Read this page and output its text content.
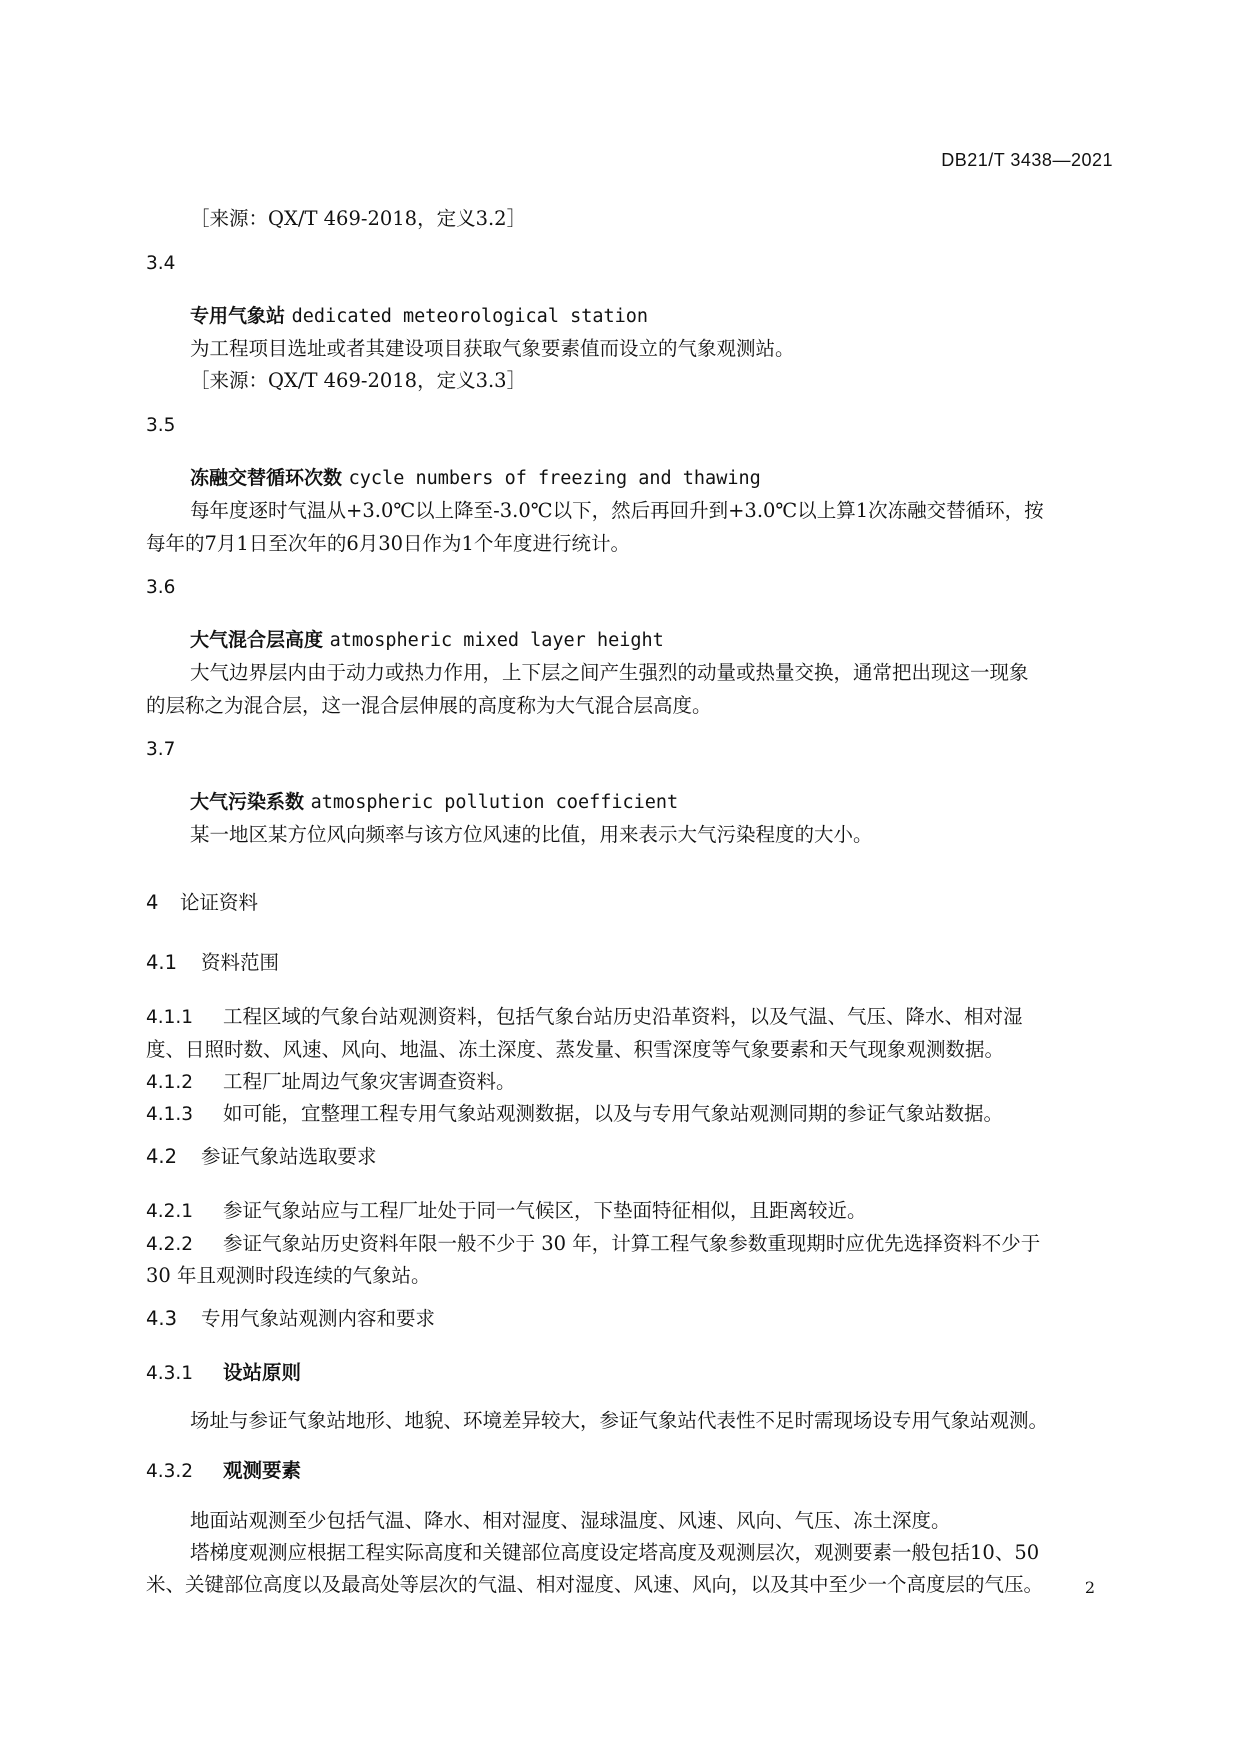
DB21/T 3438—2021
［来源：QX/T 469-2018，定义3.2］
3.4
专用气象站 dedicated meteorological station
为工程项目选址或者其建设项目获取气象要素值而设立的气象观测站。
［来源：QX/T 469-2018，定义3.3］
3.5
冻融交替循环次数 cycle numbers of freezing and thawing
每年度逐时气温从+3.0℃以上降至-3.0℃以下，然后再回升到+3.0℃以上算1次冻融交替循环，按
每年的7月1日至次年的6月30日作为1个年度进行统计。
3.6
大气混合层高度 atmospheric mixed layer height
大气边界层内由于动力或热力作用，上下层之间产生强烈的动量或热量交换，通常把出现这一现象
的层称之为混合层，这一混合层伸展的高度称为大气混合层高度。
3.7
大气污染系数 atmospheric pollution coefficient
某一地区某方位风向频率与该方位风速的比值，用来表示大气污染程度的大小。
4 论证资料
4.1 资料范围
4.1.1 工程区域的气象台站观测资料，包括气象台站历史沿革资料，以及气温、气压、降水、相对湿
度、日照时数、风速、风向、地温、冻土深度、蒸发量、积雪深度等气象要素和天气现象观测数据。
4.1.2 工程厂址周边气象灾害调查资料。
4.1.3 如可能，宜整理工程专用气象站观测数据，以及与专用气象站观测同期的参证气象站数据。
4.2 参证气象站选取要求
4.2.1 参证气象站应与工程厂址处于同一气候区，下垫面特征相似，且距离较近。
4.2.2 参证气象站历史资料年限一般不少于 30 年，计算工程气象参数重现期时应优先选择资料不少于
30 年且观测时段连续的气象站。
4.3 专用气象站观测内容和要求
4.3.1 设站原则
场址与参证气象站地形、地貌、环境差异较大，参证气象站代表性不足时需现场设专用气象站观测。
4.3.2 观测要素
地面站观测至少包括气温、降水、相对湿度、湿球温度、风速、风向、气压、冻土深度。
塔梯度观测应根据工程实际高度和关键部位高度设定塔高度及观测层次，观测要素一般包括10、50
米、关键部位高度以及最高处等层次的气温、相对湿度、风速、风向，以及其中至少一个高度层的气压。	2
